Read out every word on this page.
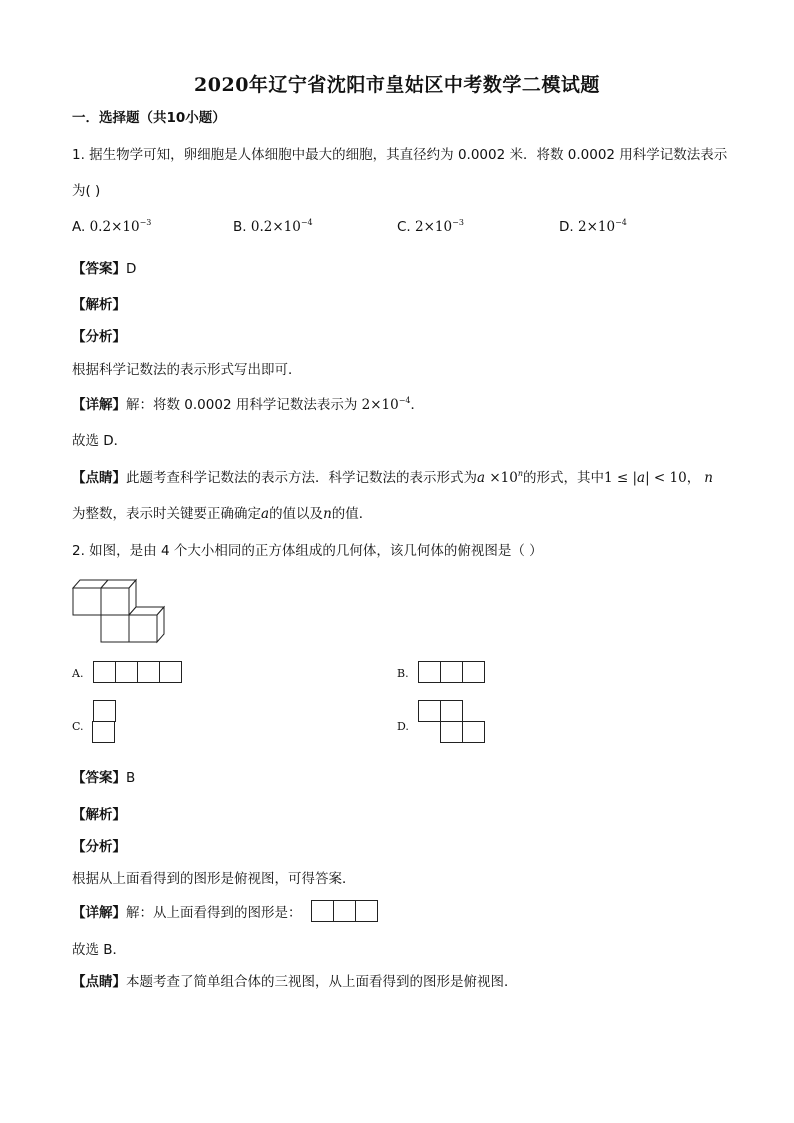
2020年辽宁省沈阳市皇姑区中考数学二模试题
一．选择题（共10小题）
1. 据生物学可知，卵细胞是人体细胞中最大的细胞，其直径约为 0.0002 米．将数 0.0002 用科学记数法表示
为( )
A. $0.2\times 10^{-3}$	B. $0.2\times 10^{-4}$	C. $2\times 10^{-3}$	D. $2\times 10^{-4}$
【答案】D
【解析】
【分析】
根据科学记数法的表示形式写出即可．
【详解】解：将数 0.0002 用科学记数法表示为 $2\times 10^{-4}$．
故选 D．
【点睛】此题考查科学记数法的表示方法．科学记数法的表示形式为$a \times 10^n$的形式，其中1 ≤ |a| < 10， n
为整数，表示时关键要正确确定a的值以及n的值．
2. 如图，是由 4 个大小相同的正方体组成的几何体，该几何体的俯视图是（ ）
A.	B.
C.	D.
【答案】B
【解析】
【分析】
根据从上面看得到的图形是俯视图，可得答案．
【详解】解：从上面看得到的图形是：
故选 B．
【点睛】本题考查了简单组合体的三视图，从上面看得到的图形是俯视图．
